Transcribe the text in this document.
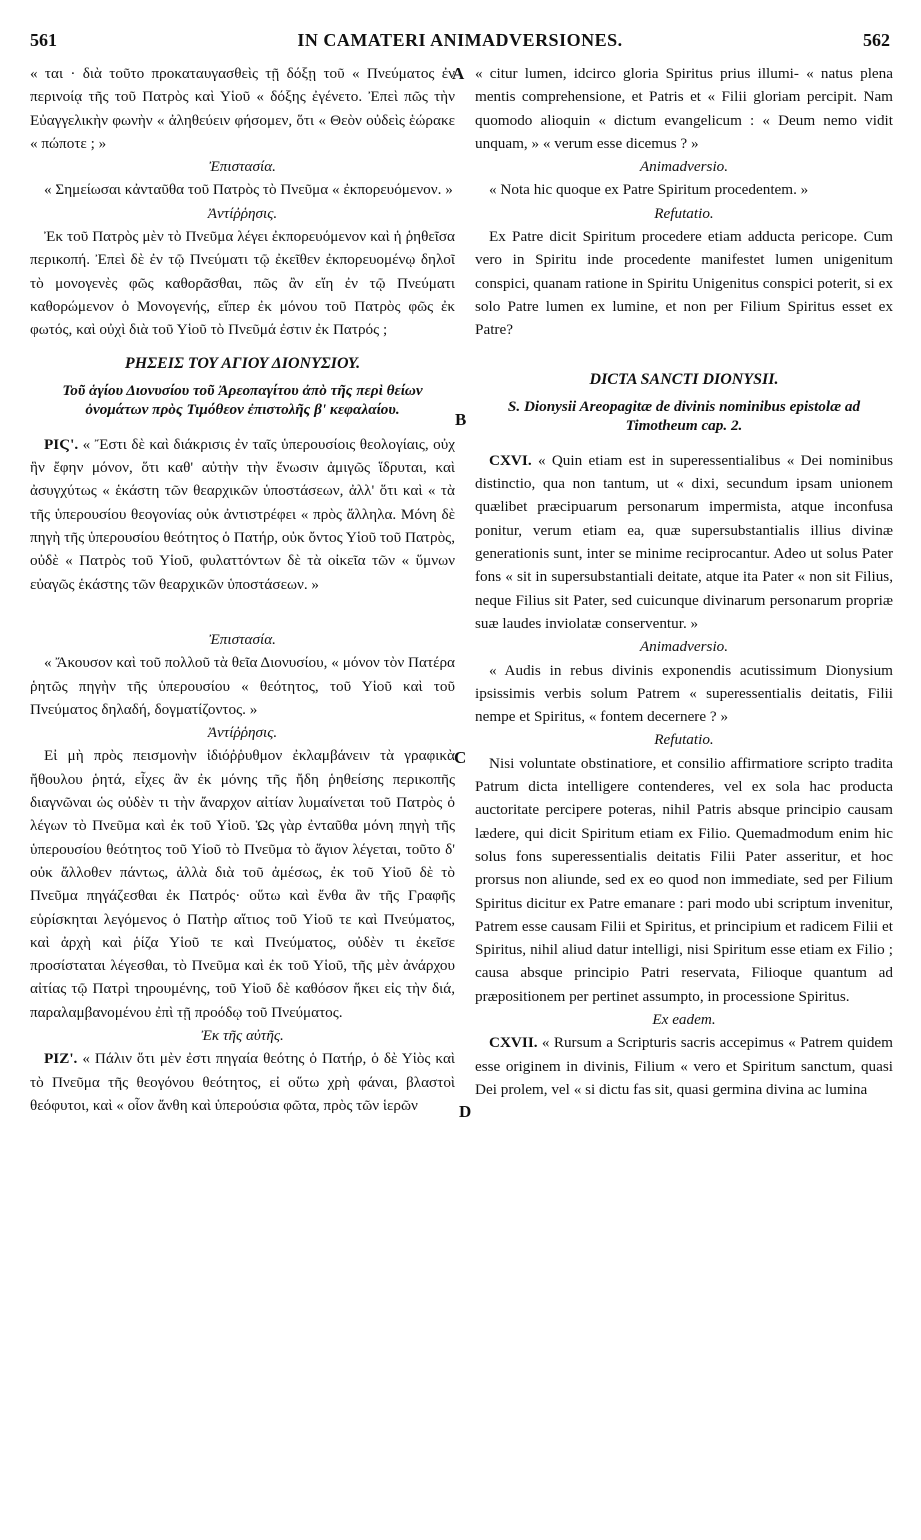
561	IN CAMATERI ANIMADVERSIONES.	562
A
B
C
D

« ται · διὰ τοῦτο προκαταυγασθεὶς τῇ δόξῃ τοῦ « Πνεύματος ἐν περινοίᾳ τῆς τοῦ Πατρὸς καὶ Υἱοῦ « δόξης ἐγένετο. Ἐπεὶ πῶς τὴν Εὐαγγελικὴν φωνὴν « ἀληθεύειν φήσομεν, ὅτι « Θεὸν οὐδεὶς ἑώρακε « πώποτε ; »

Ἐπιστασία.

« Σημείωσαι κἀνταῦθα τοῦ Πατρὸς τὸ Πνεῦμα « ἐκπορευόμενον. »

Ἀντίῤῥησις.

Ἐκ τοῦ Πατρὸς μὲν τὸ Πνεῦμα λέγει ἐκπορευόμενον καὶ ἡ ῥηθεῖσα περικοπή. Ἐπεὶ δὲ ἐν τῷ Πνεύματι τῷ ἐκεῖθεν ἐκπορευομένῳ δηλοῖ τὸ μονογενὲς φῶς καθορᾶσθαι, πῶς ἂν εἴη ἐν τῷ Πνεύματι καθορώμενον ὁ Μονογενής, εἴπερ ἐκ μόνου τοῦ Πατρὸς φῶς ἐκ φωτός, καὶ οὐχὶ διὰ τοῦ Υἱοῦ τὸ Πνεῦμά ἐστιν ἐκ Πατρός ;

ΡΗΣΕΙΣ ΤΟΥ ΑΓΙΟΥ ΔΙΟΝΥΣΙΟΥ.

Τοῦ ἁγίου Διονυσίου τοῦ Ἀρεοπαγίτου ἀπὸ τῆς περὶ θείων ὀνομάτων πρὸς Τιμόθεον ἐπιστολῆς β' κεφαλαίου.

ΡΙϚ'. « Ἔστι δὲ καὶ διάκρισις ἐν ταῖς ὑπερουσίοις θεολογίαις, οὐχ ἣν ἔφην μόνον, ὅτι καθ' αὐτὴν τὴν ἕνωσιν ἀμιγῶς ἵδρυται, καὶ ἀσυγχύτως « ἑκάστη τῶν θεαρχικῶν ὑποστάσεων, ἀλλ' ὅτι καὶ « τὰ τῆς ὑπερουσίου θεογονίας οὐκ ἀντιστρέφει « πρὸς ἄλληλα. Μόνη δὲ πηγὴ τῆς ὑπερουσίου θεότητος ὁ Πατήρ, οὐκ ὄντος Υἱοῦ τοῦ Πατρὸς, οὐδὲ « Πατρὸς τοῦ Υἱοῦ, φυλαττόντων δὲ τὰ οἰκεῖα τῶν « ὕμνων εὐαγῶς ἑκάστης τῶν θεαρχικῶν ὑποστάσεων. »

Ἐπιστασία.

« Ἄκουσον καὶ τοῦ πολλοῦ τὰ θεῖα Διονυσίου, « μόνον τὸν Πατέρα ῥητῶς πηγὴν τῆς ὑπερουσίου « θεότητος, τοῦ Υἱοῦ καὶ τοῦ Πνεύματος δηλαδή, δογματίζοντος. »

Ἀντίῤῥησις.

Εἰ μὴ πρὸς πεισμονὴν ἰδιόῤῥυθμον ἐκλαμβάνειν τὰ γραφικὰ ἤθουλου ῥητά, εἶχες ἂν ἐκ μόνης τῆς ἤδη ῥηθείσης περικοπῆς διαγνῶναι ὡς οὐδὲν τι τὴν ἄναρχον αἰτίαν λυμαίνεται τοῦ Πατρὸς ὁ λέγων τὸ Πνεῦμα καὶ ἐκ τοῦ Υἱοῦ. Ὡς γὰρ ἐνταῦθα μόνη πηγὴ τῆς ὑπερουσίου θεότητος τοῦ Υἱοῦ τὸ Πνεῦμα τὸ ἅγιον λέγεται, τοῦτο δ' οὐκ ἄλλοθεν πάντως, ἀλλὰ διὰ τοῦ ἀμέσως, ἐκ τοῦ Υἱοῦ δὲ τὸ Πνεῦμα πηγάζεσθαι ἐκ Πατρός· οὕτω καὶ ἔνθα ἂν τῆς Γραφῆς εὑρίσκηται λεγόμενος ὁ Πατὴρ αἴτιος τοῦ Υἱοῦ τε καὶ Πνεύματος, καὶ ἀρχὴ καὶ ῥίζα Υἱοῦ τε καὶ Πνεύματος, οὐδὲν τι ἐκεῖσε προσίσταται λέγεσθαι, τὸ Πνεῦμα καὶ ἐκ τοῦ Υἱοῦ, τῆς μὲν ἀνάρχου αἰτίας τῷ Πατρὶ τηρουμένης, τοῦ Υἱοῦ δὲ καθόσον ἥκει εἰς τὴν διά, παραλαμβανομένου ἐπὶ τῇ προόδῳ τοῦ Πνεύματος.

Ἐκ τῆς αὐτῆς.

ΡΙΖ'. « Πάλιν ὅτι μὲν ἐστι πηγαία θεότης ὁ Πατήρ, ὁ δὲ Υἱὸς καὶ τὸ Πνεῦμα τῆς θεογόνου θεότητος, εἰ οὕτω χρὴ φάναι, βλαστοὶ θεόφυτοι, καὶ « οἷον ἄνθη καὶ ὑπερούσια φῶτα, πρὸς τῶν ἱερῶν

« citur lumen, idcirco gloria Spiritus prius illumi- « natus plena mentis comprehensione, et Patris et « Filii gloriam percipit. Nam quomodo alioquin « dictum evangelicum : « Deum nemo vidit unquam, » « verum esse dicemus ? »

Animadversio.

« Nota hic quoque ex Patre Spiritum procedentem. »

Refutatio.

Ex Patre dicit Spiritum procedere etiam adducta pericope. Cum vero in Spiritu inde procedente manifestet lumen unigenitum conspici, quanam ratione in Spiritu Unigenitus conspici poterit, si ex solo Patre lumen ex lumine, et non per Filium Spiritus esset ex Patre?

DICTA SANCTI DIONYSII.

S. Dionysii Areopagitæ de divinis nominibus epistolæ ad Timotheum cap. 2.

CXVI. « Quin etiam est in superessentialibus « Dei nominibus distinctio, qua non tantum, ut « dixi, secundum ipsam unionem quælibet præcipuarum personarum impermista, atque inconfusa ponitur, verum etiam ea, quæ supersubstantialis illius divinæ generationis sunt, inter se minime reciprocantur. Adeo ut solus Pater fons « sit in supersubstantiali deitate, atque ita Pater « non sit Filius, neque Filius sit Pater, sed cuicunque divinarum personarum propriæ suæ laudes inviolatæ conserventur. »

Animadversio.

« Audis in rebus divinis exponendis acutissimum Dionysium ipsissimis verbis solum Patrem « superessentialis deitatis, Filii nempe et Spiritus, « fontem decernere ? »

Refutatio.

Nisi voluntate obstinatiore, et consilio affirmatiore scripto tradita Patrum dicta intelligere contenderes, vel ex sola hac producta auctoritate percipere poteras, nihil Patris absque principio causam lædere, qui dicit Spiritum etiam ex Filio. Quemadmodum enim hic solus fons superessentialis deitatis Filii Pater asseritur, et hoc prorsus non aliunde, sed ex eo quod non immediate, sed per Filium Spiritus dicitur ex Patre emanare : pari modo ubi scriptum invenitur, Patrem esse causam Filii et Spiritus, et principium et radicem Filii et Spiritus, nihil aliud datur intelligi, nisi Spiritum esse etiam ex Filio ; causa absque principio Patri reservata, Filioque quantum ad præpositionem per pertinet assumpto, in processione Spiritus.

Ex eadem.

CXVII. « Rursum a Scripturis sacris accepimus « Patrem quidem esse originem in divinis, Filium « vero et Spiritum sanctum, quasi Dei prolem, vel « si dictu fas sit, quasi germina divina ac lumina
